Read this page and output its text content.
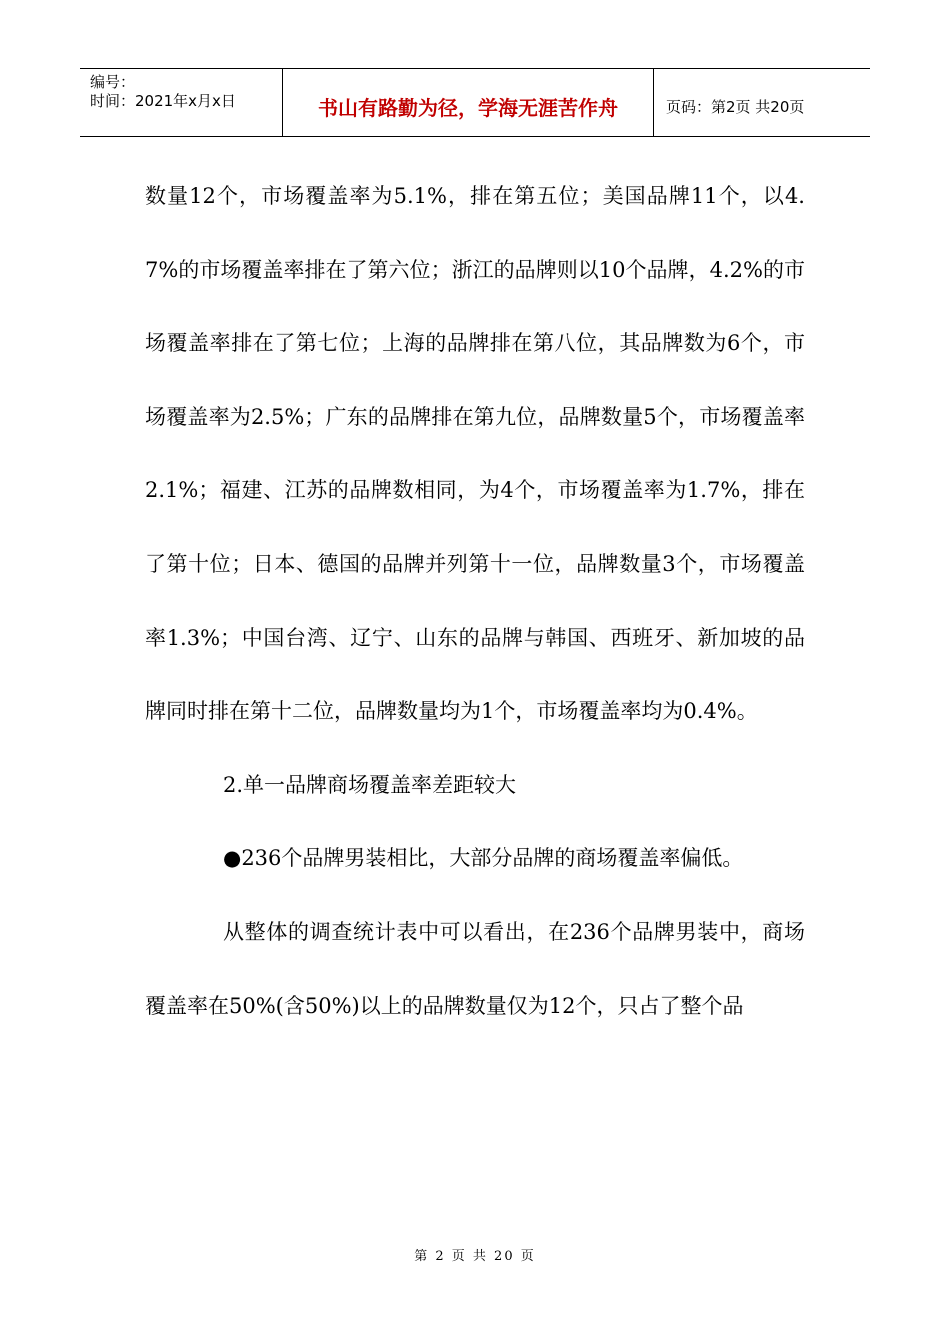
编号：
时间：2021年x月x日	书山有路勤为径，学海无涯苦作舟	页码：第2页 共20页

数量12个，市场覆盖率为5.1%，排在第五位；美国品牌11个，以4.7%的市场覆盖率排在了第六位；浙江的品牌则以10个品牌，4.2%的市场覆盖率排在了第七位；上海的品牌排在第八位，其品牌数为6个，市场覆盖率为2.5%；广东的品牌排在第九位，品牌数量5个，市场覆盖率2.1%；福建、江苏的品牌数相同，为4个，市场覆盖率为1.7%，排在了第十位；日本、德国的品牌并列第十一位，品牌数量3个，市场覆盖率1.3%；中国台湾、辽宁、山东的品牌与韩国、西班牙、新加坡的品牌同时排在第十二位，品牌数量均为1个，市场覆盖率均为0.4%。

2.单一品牌商场覆盖率差距较大

●236个品牌男装相比，大部分品牌的商场覆盖率偏低。

从整体的调查统计表中可以看出，在236个品牌男装中，商场覆盖率在50%(含50%)以上的品牌数量仅为12个，只占了整个品

第 2 页 共 20 页
